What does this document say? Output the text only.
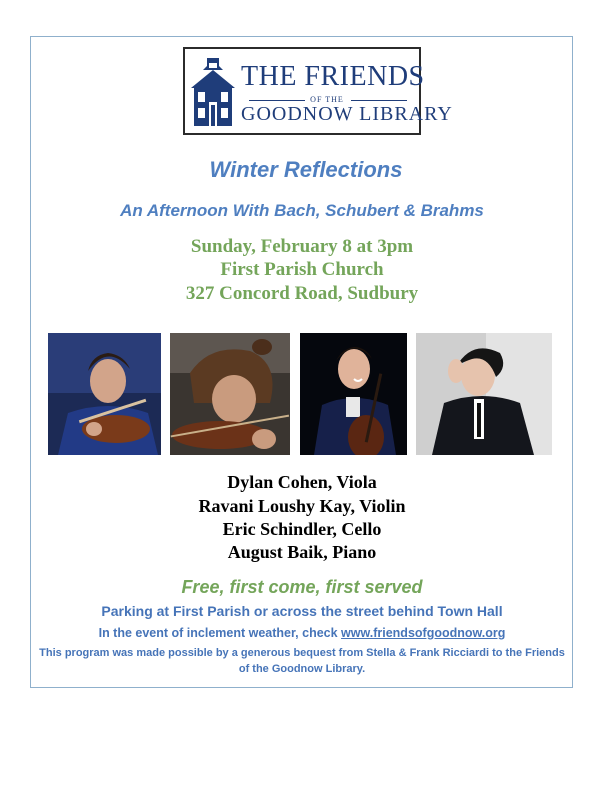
THE FRIENDS
OF THE
GOODNOW LIBRARY
Winter Reflections
An Afternoon With Bach, Schubert & Brahms
Sunday, February 8 at 3pm
First Parish Church
327 Concord Road, Sudbury
Dylan Cohen, Viola
Ravani Loushy Kay, Violin
Eric Schindler, Cello
August Baik, Piano
Free, first come, first served
Parking at First Parish or across the street behind Town Hall
In the event of inclement weather, check www.friendsofgoodnow.org
This program was made possible by a generous bequest from Stella & Frank Ricciardi to the Friends of the Goodnow Library.
